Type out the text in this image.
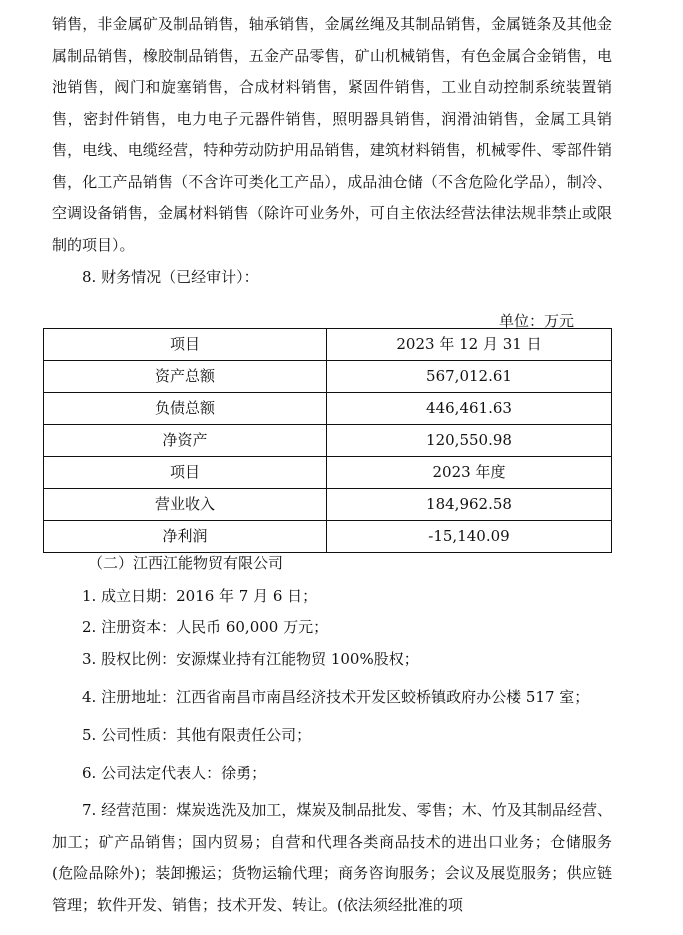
销售，非金属矿及制品销售，轴承销售，金属丝绳及其制品销售，金属链条及其他金属制品销售，橡胶制品销售，五金产品零售，矿山机械销售，有色金属合金销售，电池销售，阀门和旋塞销售，合成材料销售，紧固件销售，工业自动控制系统装置销售，密封件销售，电力电子元器件销售，照明器具销售，润滑油销售，金属工具销售，电线、电缆经营，特种劳动防护用品销售，建筑材料销售，机械零件、零部件销售，化工产品销售（不含许可类化工产品），成品油仓储（不含危险化学品），制冷、空调设备销售，金属材料销售（除许可业务外，可自主依法经营法律法规非禁止或限制的项目）。

8. 财务情况（已经审计）：

单位：万元

项目	2023 年 12 月 31 日
资产总额	567,012.61
负债总额	446,461.63
净资产	120,550.98
项目	2023 年度
营业收入	184,962.58
净利润	-15,140.09

（二）江西江能物贸有限公司

1. 成立日期：2016 年 7 月 6 日；

2. 注册资本：人民币 60,000 万元；

3. 股权比例：安源煤业持有江能物贸 100%股权；

4. 注册地址：江西省南昌市南昌经济技术开发区蛟桥镇政府办公楼 517 室；

5. 公司性质：其他有限责任公司；

6. 公司法定代表人：徐勇；

7. 经营范围：煤炭选洗及加工，煤炭及制品批发、零售；木、竹及其制品经营、加工；矿产品销售；国内贸易；自营和代理各类商品技术的进出口业务；仓储服务(危险品除外)；装卸搬运；货物运输代理；商务咨询服务；会议及展览服务；供应链管理；软件开发、销售；技术开发、转让。(依法须经批准的项
